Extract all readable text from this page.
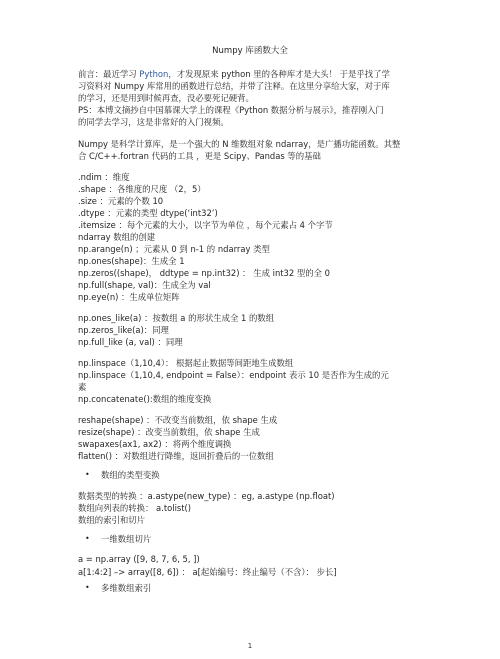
Numpy 库函数大全
前言：最近学习 Python，才发现原来 python 里的各种库才是大头！ 于是乎找了学
习资料对 Numpy 库常用的函数进行总结，并带了注释。在这里分享给大家，对于库
的学习，还是用到时候再查，没必要死记硬背。
PS：本博文摘抄自中国慕课大学上的课程《Python 数据分析与展示》，推荐刚入门
的同学去学习，这是非常好的入门视频。
Numpy 是科学计算库，是一个强大的 N 维数组对象 ndarray，是广播功能函数。其整
合 C/C++.fortran 代码的工具 ，更是 Scipy、Pandas 等的基础
.ndim ：维度
.shape ：各维度的尺度 （2，5）
.size ：元素的个数 10
.dtype ：元素的类型 dtype(‘int32’)
.itemsize ：每个元素的大小，以字节为单位 ，每个元素占 4 个字节
ndarray 数组的创建
np.arange(n) ；元素从 0 到 n-1 的 ndarray 类型
np.ones(shape)：生成全 1
np.zeros((shape)， ddtype = np.int32) ： 生成 int32 型的全 0
np.full(shape, val)：生成全为 val
np.eye(n) ：生成单位矩阵
np.ones_like(a) ：按数组 a 的形状生成全 1 的数组
np.zeros_like(a)：同理
np.full_like (a, val) ：同理
np.linspace（1,10,4）： 根据起止数据等间距地生成数组
np.linspace（1,10,4, endpoint = False）：endpoint 表示 10 是否作为生成的元
素
np.concatenate():数组的维度变换
reshape(shape) ：不改变当前数组，依 shape 生成
resize(shape) ：改变当前数组，依 shape 生成
swapaxes(ax1, ax2) ：将两个维度调换
flatten() ：对数组进行降维，返回折叠后的一位数组
• 数组的类型变换
数据类型的转换 ：a.astype(new_type) ：eg, a.astype (np.float)
数组向列表的转换： a.tolist()
数组的索引和切片
• 一维数组切片
a = np.array ([9, 8, 7, 6, 5, ])
a[1:4:2] –> array([8, 6]) ： a[起始编号：终止编号（不含）： 步长]
• 多维数组索引
1
